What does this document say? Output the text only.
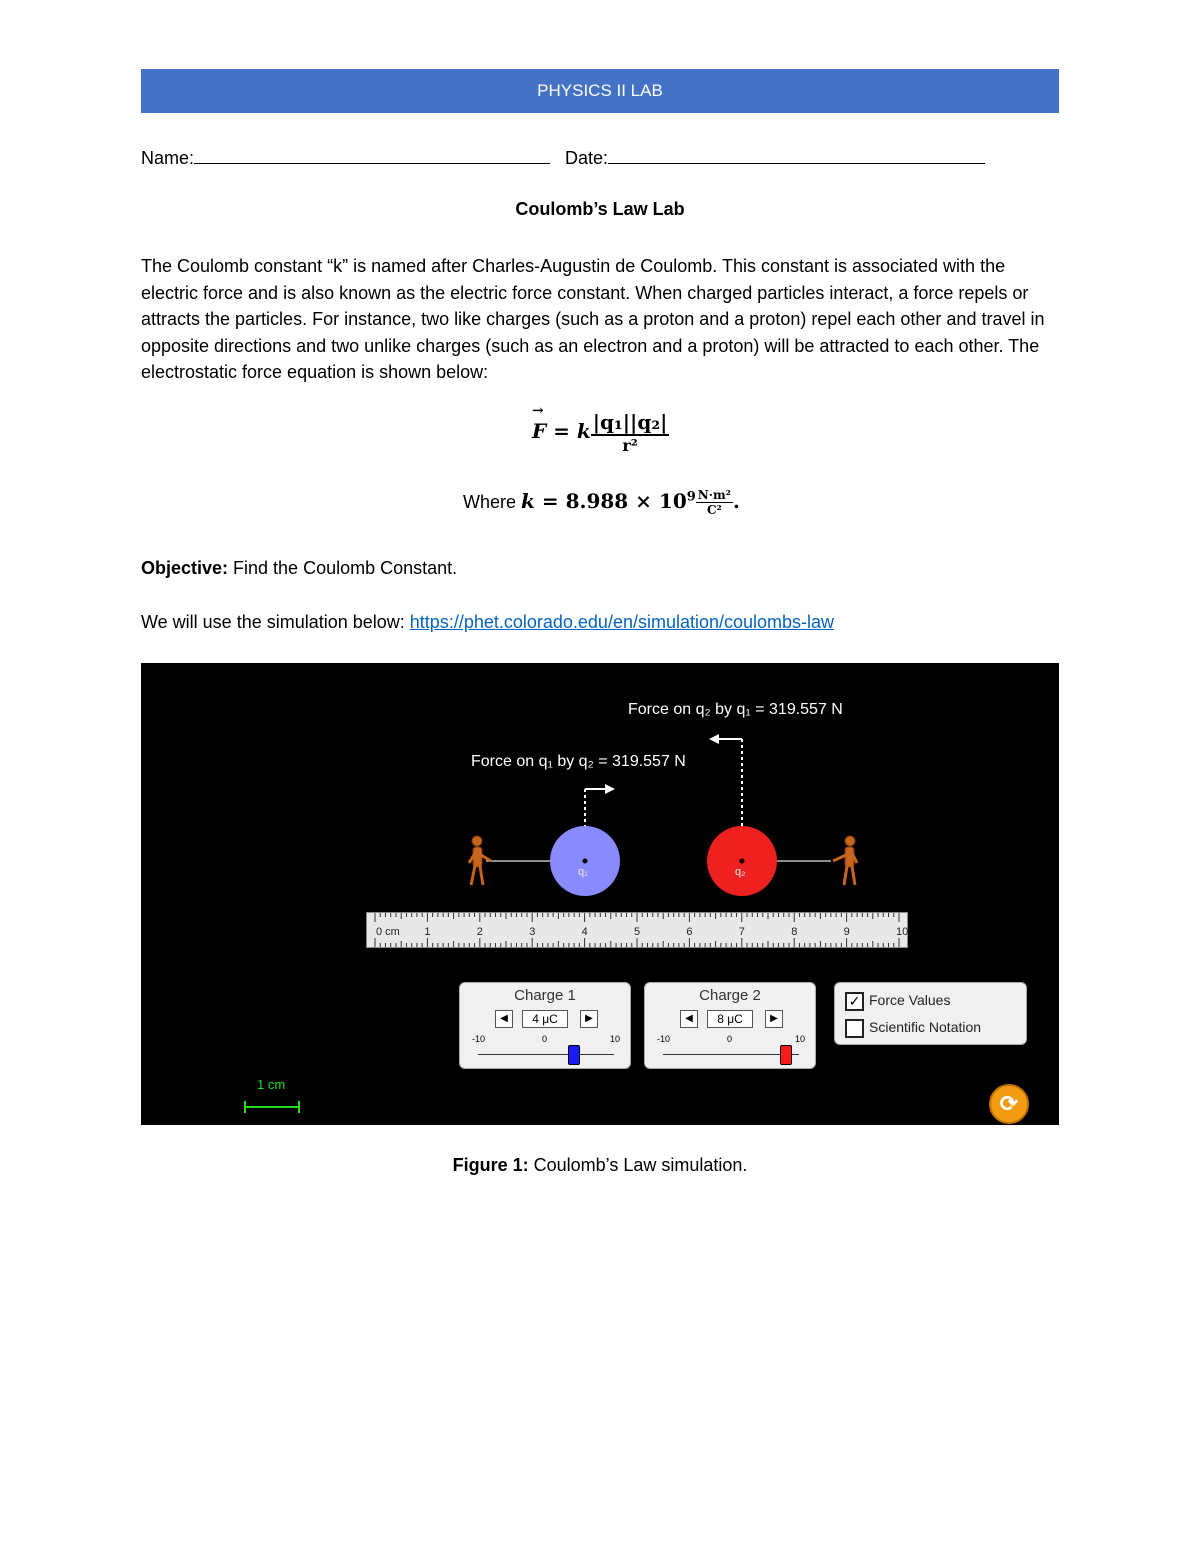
PHYSICS II LAB
Name:	Date:
Coulomb’s Law Lab
The Coulomb constant “k” is named after Charles-Augustin de Coulomb. This constant is associated with the electric force and is also known as the electric force constant. When charged particles interact, a force repels or attracts the particles. For instance, two like charges (such as a proton and a proton) repel each other and travel in opposite directions and two unlike charges (such as an electron and a proton) will be attracted to each other. The electrostatic force equation is shown below:
→
F = k $\frac{\text{|q₁||q₂|}}{\text{r²}}$
Where $k = 8.988 \times 10^9 \frac{\text{N·m²}}{\text{C²}}$ .
Objective: Find the Coulomb Constant.
We will use the simulation below: https://phet.colorado.edu/en/simulation/coulombs-law
Force on q₂ by q₁ = 319.557 N
Force on q₁ by q₂ = 319.557 N
q₁	q₂
0 cm 1	2	3	4	5	6	7	8	9	10
Charge 1
◀	4 μC	▶
-10	0	10
Charge 2
◀	8 μC	▶
-10	0	10
✓ Force Values
Scientific Notation
1 cm
⟳
Figure 1: Coulomb’s Law simulation.
